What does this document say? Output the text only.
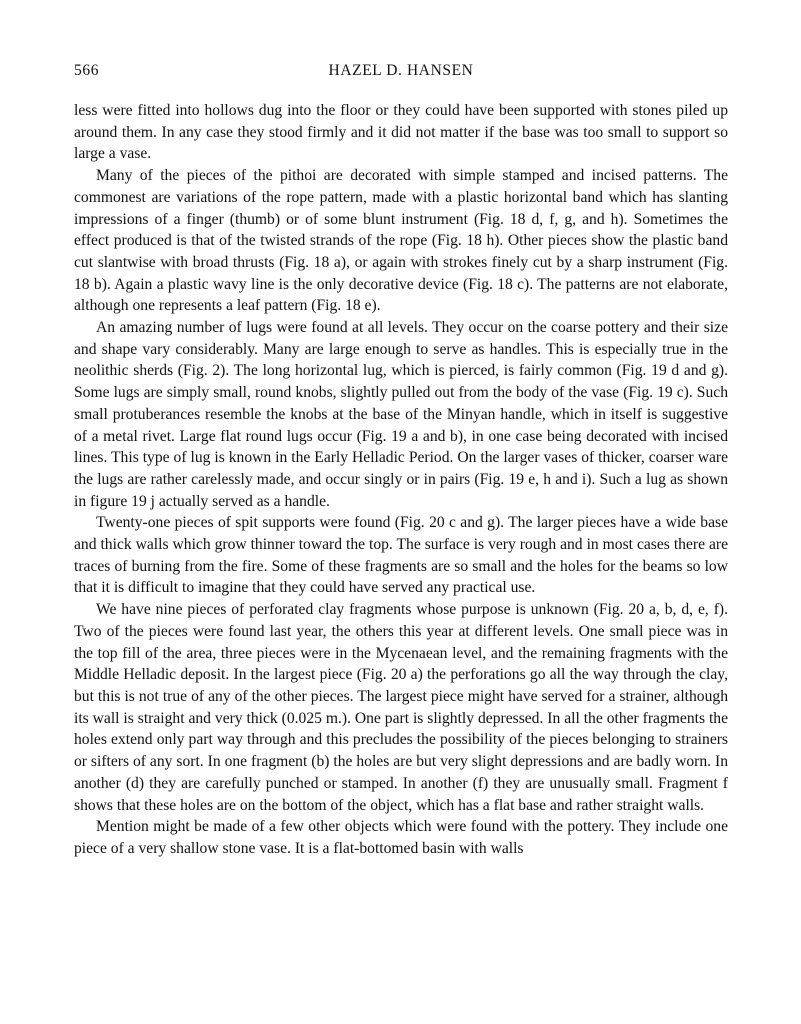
566	HAZEL D. HANSEN

less were fitted into hollows dug into the floor or they could have been supported with stones piled up around them. In any case they stood firmly and it did not matter if the base was too small to support so large a vase.

Many of the pieces of the pithoi are decorated with simple stamped and incised patterns. The commonest are variations of the rope pattern, made with a plastic horizontal band which has slanting impressions of a finger (thumb) or of some blunt instrument (Fig. 18 d, f, g, and h). Sometimes the effect produced is that of the twisted strands of the rope (Fig. 18 h). Other pieces show the plastic band cut slantwise with broad thrusts (Fig. 18 a), or again with strokes finely cut by a sharp instrument (Fig. 18 b). Again a plastic wavy line is the only decorative device (Fig. 18 c). The patterns are not elaborate, although one represents a leaf pattern (Fig. 18 e).

An amazing number of lugs were found at all levels. They occur on the coarse pottery and their size and shape vary considerably. Many are large enough to serve as handles. This is especially true in the neolithic sherds (Fig. 2). The long horizontal lug, which is pierced, is fairly common (Fig. 19 d and g). Some lugs are simply small, round knobs, slightly pulled out from the body of the vase (Fig. 19 c). Such small protuberances resemble the knobs at the base of the Minyan handle, which in itself is suggestive of a metal rivet. Large flat round lugs occur (Fig. 19 a and b), in one case being decorated with incised lines. This type of lug is known in the Early Helladic Period. On the larger vases of thicker, coarser ware the lugs are rather carelessly made, and occur singly or in pairs (Fig. 19 e, h and i). Such a lug as shown in figure 19 j actually served as a handle.

Twenty-one pieces of spit supports were found (Fig. 20 c and g). The larger pieces have a wide base and thick walls which grow thinner toward the top. The surface is very rough and in most cases there are traces of burning from the fire. Some of these fragments are so small and the holes for the beams so low that it is difficult to imagine that they could have served any practical use.

We have nine pieces of perforated clay fragments whose purpose is unknown (Fig. 20 a, b, d, e, f). Two of the pieces were found last year, the others this year at different levels. One small piece was in the top fill of the area, three pieces were in the Mycenaean level, and the remaining fragments with the Middle Helladic deposit. In the largest piece (Fig. 20 a) the perforations go all the way through the clay, but this is not true of any of the other pieces. The largest piece might have served for a strainer, although its wall is straight and very thick (0.025 m.). One part is slightly depressed. In all the other fragments the holes extend only part way through and this precludes the possibility of the pieces belonging to strainers or sifters of any sort. In one fragment (b) the holes are but very slight depressions and are badly worn. In another (d) they are carefully punched or stamped. In another (f) they are unusually small. Fragment f shows that these holes are on the bottom of the object, which has a flat base and rather straight walls.

Mention might be made of a few other objects which were found with the pottery. They include one piece of a very shallow stone vase. It is a flat-bottomed basin with walls
